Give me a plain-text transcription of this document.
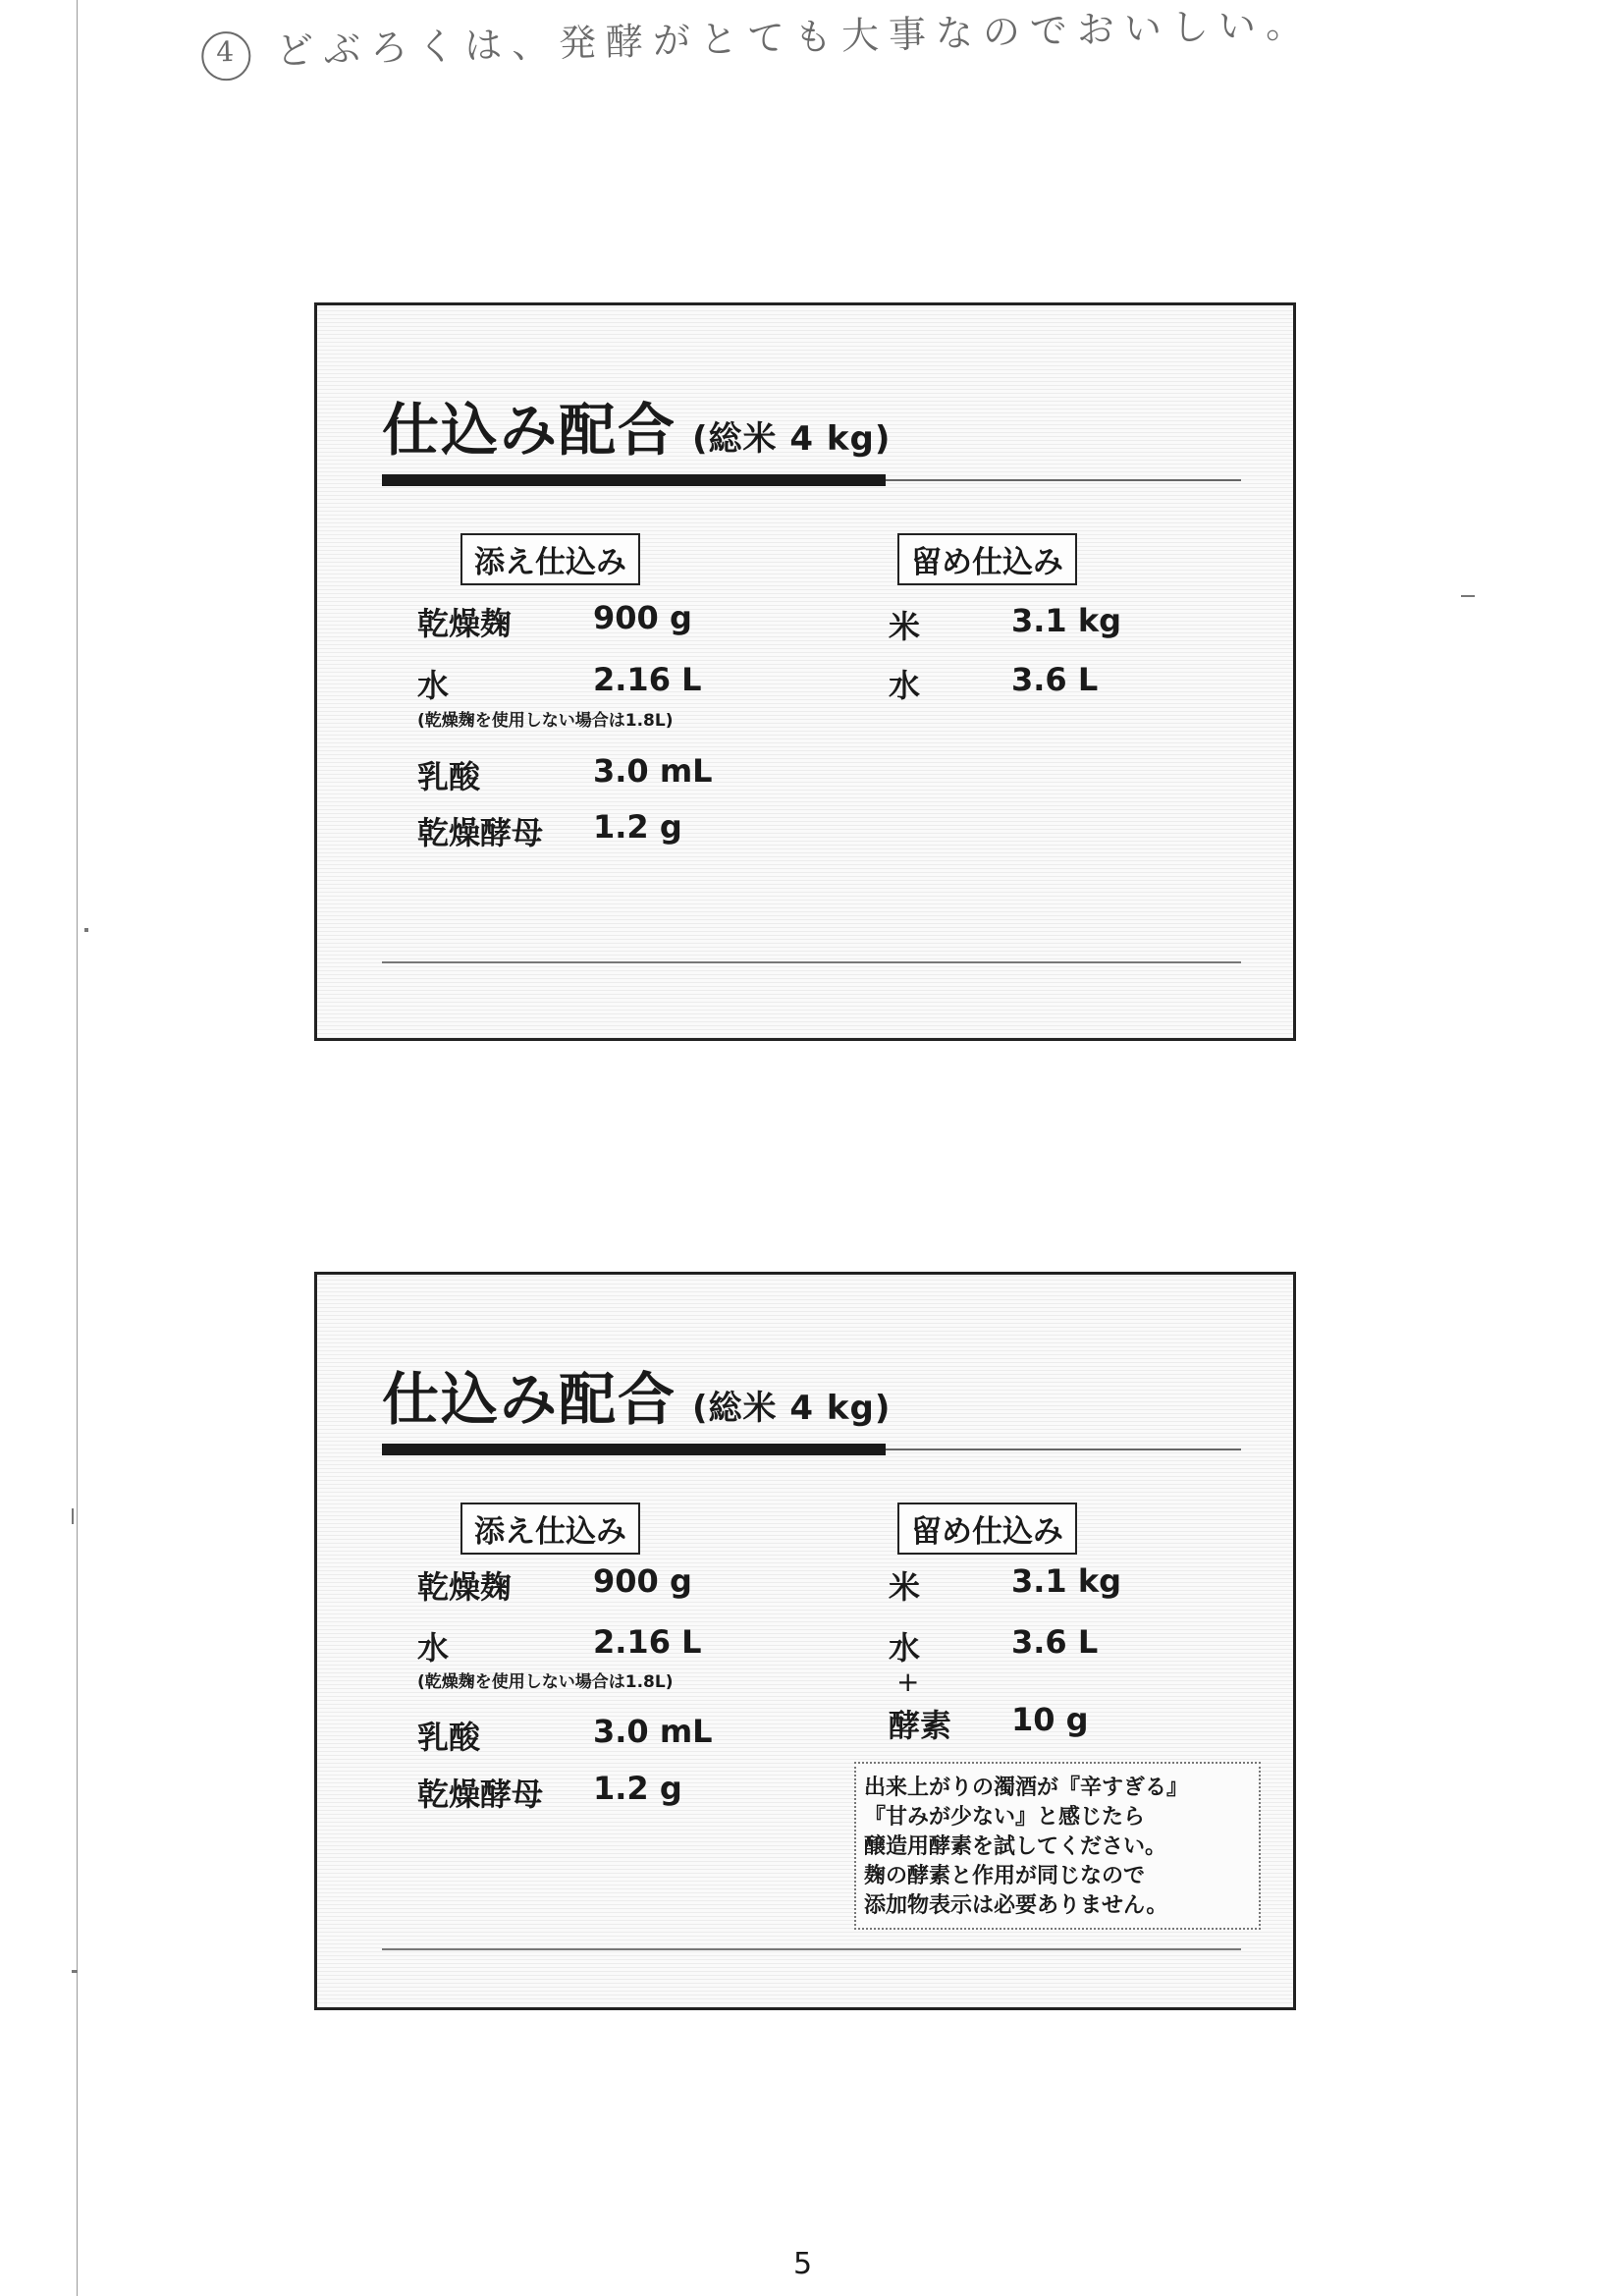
4 どぶろくは、発酵がとても大事なのでおいしい。
仕込み配合 (総米 4 kg)
添え仕込み	留め仕込み
乾燥麹	900 g
水	2.16 L
(乾燥麹を使用しない場合は1.8L)
乳酸	3.0 mL
乾燥酵母 1.2 g
米	3.1 kg
水	3.6 L
仕込み配合 (総米 4 kg)
添え仕込み	留め仕込み
乾燥麹	900 g
水	2.16 L
(乾燥麹を使用しない場合は1.8L)
乳酸	3.0 mL
乾燥酵母 1.2 g
米	3.1 kg
水	3.6 L
+
酵素 10 g
出来上がりの濁酒が『辛すぎる』
『甘みが少ない』と感じたら
醸造用酵素を試してください。
麹の酵素と作用が同じなので
添加物表示は必要ありません。
5
